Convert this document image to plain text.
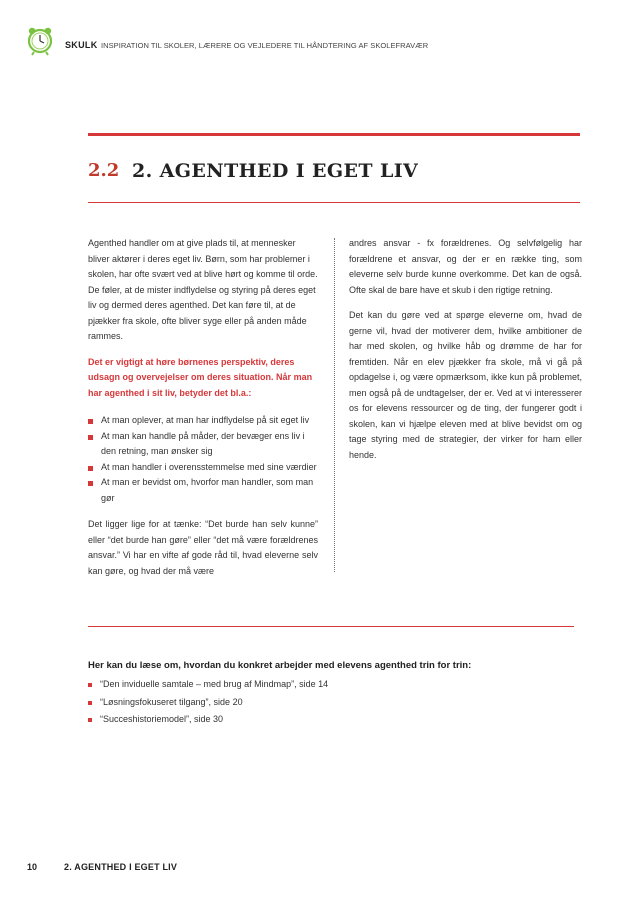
SKULK INSPIRATION TIL SKOLER, LÆRERE OG VEJLEDERE TIL HÅNDTERING AF SKOLEFRAVÆR
2.2 2. AGENTHED I EGET LIV

Agenthed handler om at give plads til, at mennesker bliver aktører i deres eget liv. Børn, som har problemer i skolen, har ofte svært ved at blive hørt og komme til orde. De føler, at de mister indflydelse og styring på deres eget liv og dermed deres agenthed. Det kan føre til, at de pjækker fra skole, ofte bliver syge eller på anden måde rammes.

Det er vigtigt at høre børnenes perspektiv, deres udsagn og overvejelser om deres situation. Når man har agenthed i sit liv, betyder det bl.a.:

At man oplever, at man har indflydelse på sit eget liv
At man kan handle på måder, der bevæger ens liv i den retning, man ønsker sig
At man handler i overensstemmelse med sine værdier
At man er bevidst om, hvorfor man handler, som man gør

Det ligger lige for at tænke: “Det burde han selv kunne” eller “det burde han gøre” eller “det må være forældrenes ansvar.” Vi har en vifte af gode råd til, hvad eleverne selv kan gøre, og hvad der må være

andres ansvar - fx forældrenes. Og selvfølgelig har forældrene et ansvar, og der er en række ting, som eleverne selv burde kunne overkomme. Det kan de også. Ofte skal de bare have et skub i den rigtige retning.

Det kan du gøre ved at spørge eleverne om, hvad de gerne vil, hvad der motiverer dem, hvilke ambitioner de har med skolen, og hvilke håb og drømme de har for fremtiden. Når en elev pjækker fra skole, må vi gå på opdagelse i, og være opmærksom, ikke kun på problemet, men også på de undtagelser, der er. Ved at vi interesserer os for elevens ressourcer og de ting, der fungerer godt i skolen, kan vi hjælpe eleven med at blive bevidst om og tage styring med de strategier, der virker for ham eller hende.

Her kan du læse om, hvordan du konkret arbejder med elevens agenthed trin for trin:
“Den inviduelle samtale – med brug af Mindmap”, side 14
“Løsningsfokuseret tilgang”, side 20
“Succeshistoriemodel”, side 30
10	2. AGENTHED I EGET LIV
